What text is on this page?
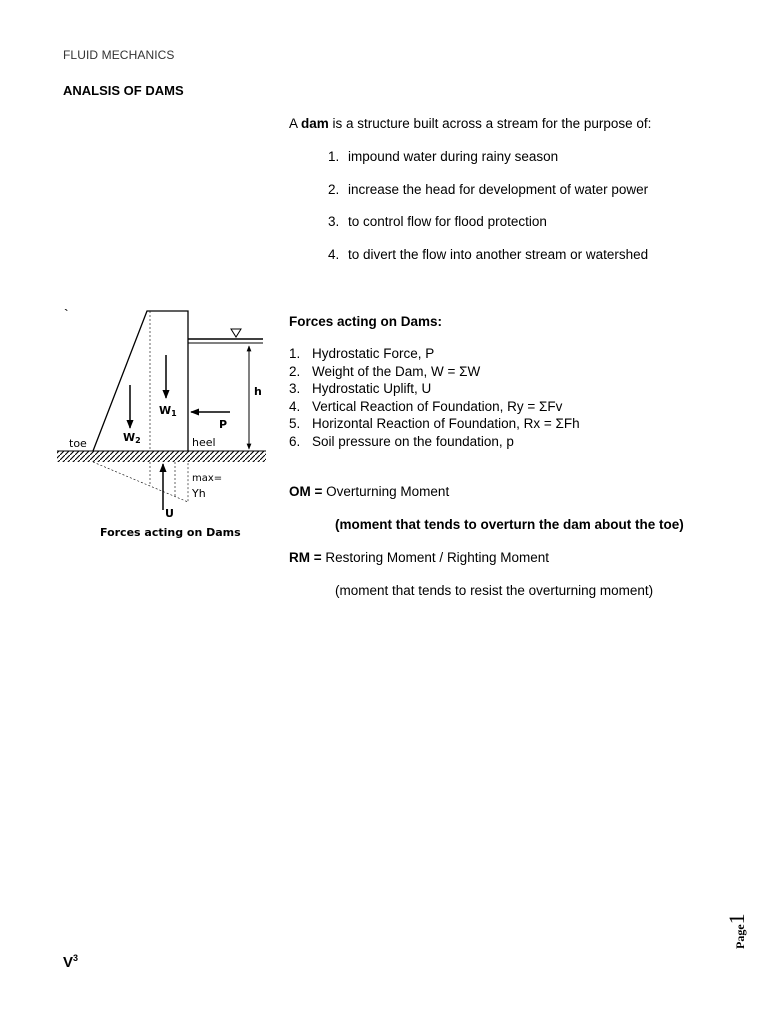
FLUID MECHANICS
ANALSIS OF DAMS
A dam is a structure built across a stream for the purpose of:
1. impound water during rainy season
2. increase the head for development of water power
3. to control flow for flood protection
4. to divert the flow into another stream or watershed
Forces acting on Dams:
1. Hydrostatic Force, P
2. Weight of the Dam, W = ΣW
3. Hydrostatic Uplift, U
4. Vertical Reaction of Foundation, Ry = ΣFv
5. Horizontal Reaction of Foundation, Rx = ΣFh
6. Soil pressure on the foundation, p
OM = Overturning Moment
(moment that tends to overturn the dam about the toe)
RM = Restoring Moment / Righting Moment
(moment that tends to resist the overturning moment)
`
h
W1
W2
P
toe	heel
U
max=
Υh
Forces acting on Dams
Page1
$V^3$
